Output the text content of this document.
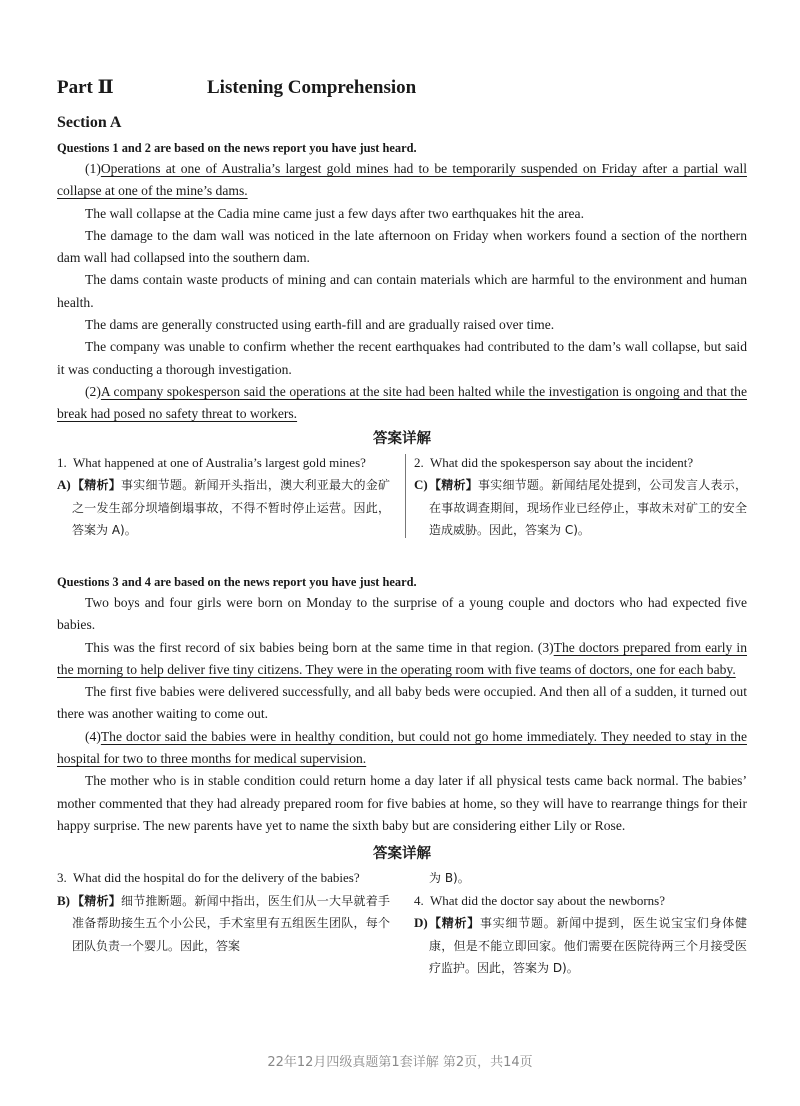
Part Ⅱ	Listening Comprehension
Section A

Questions 1 and 2 are based on the news report you have just heard.

(1)Operations at one of Australia’s largest gold mines had to be temporarily suspended on Friday after a partial wall collapse at one of the mine’s dams.

The wall collapse at the Cadia mine came just a few days after two earthquakes hit the area.

The damage to the dam wall was noticed in the late afternoon on Friday when workers found a section of the northern dam wall had collapsed into the southern dam.

The dams contain waste products of mining and can contain materials which are harmful to the environment and human health.

The dams are generally constructed using earth-fill and are gradually raised over time.

The company was unable to confirm whether the recent earthquakes had contributed to the dam’s wall collapse, but said it was conducting a thorough investigation.

(2)A company spokesperson said the operations at the site had been halted while the investigation is ongoing and that the break had posed no safety threat to workers.

答案详解

1. What happened at one of Australia’s largest gold mines?

A) 【精析】事实细节题。新闻开头指出，澳大利亚最大的金矿之一发生部分坝墙倒塌事故，不得不暂时停止运营。因此，答案为 A)。

2. What did the spokesperson say about the incident?

C) 【精析】事实细节题。新闻结尾处提到，公司发言人表示，在事故调查期间，现场作业已经停止，事故未对矿工的安全造成威胁。因此，答案为 C)。

Questions 3 and 4 are based on the news report you have just heard.

Two boys and four girls were born on Monday to the surprise of a young couple and doctors who had expected five babies.

This was the first record of six babies being born at the same time in that region. (3)The doctors prepared from early in the morning to help deliver five tiny citizens. They were in the operating room with five teams of doctors, one for each baby.

The first five babies were delivered successfully, and all baby beds were occupied. And then all of a sudden, it turned out there was another waiting to come out.

(4)The doctor said the babies were in healthy condition, but could not go home immediately. They needed to stay in the hospital for two to three months for medical supervision.

The mother who is in stable condition could return home a day later if all physical tests came back normal. The babies’ mother commented that they had already prepared room for five babies at home, so they will have to rearrange things for their happy surprise. The new parents have yet to name the sixth baby but are considering either Lily or Rose.

答案详解

3. What did the hospital do for the delivery of the babies?

B) 【精析】细节推断题。新闻中指出，医生们从一大早就着手准备帮助接生五个小公民，手术室里有五组医生团队，每个团队负责一个婴儿。因此，答案

为 B)。

4. What did the doctor say about the newborns?

D) 【精析】事实细节题。新闻中提到，医生说宝宝们身体健康，但是不能立即回家。他们需要在医院待两三个月接受医疗监护。因此，答案为 D)。

22年12月四级真题第1套详解 第2页，共14页
